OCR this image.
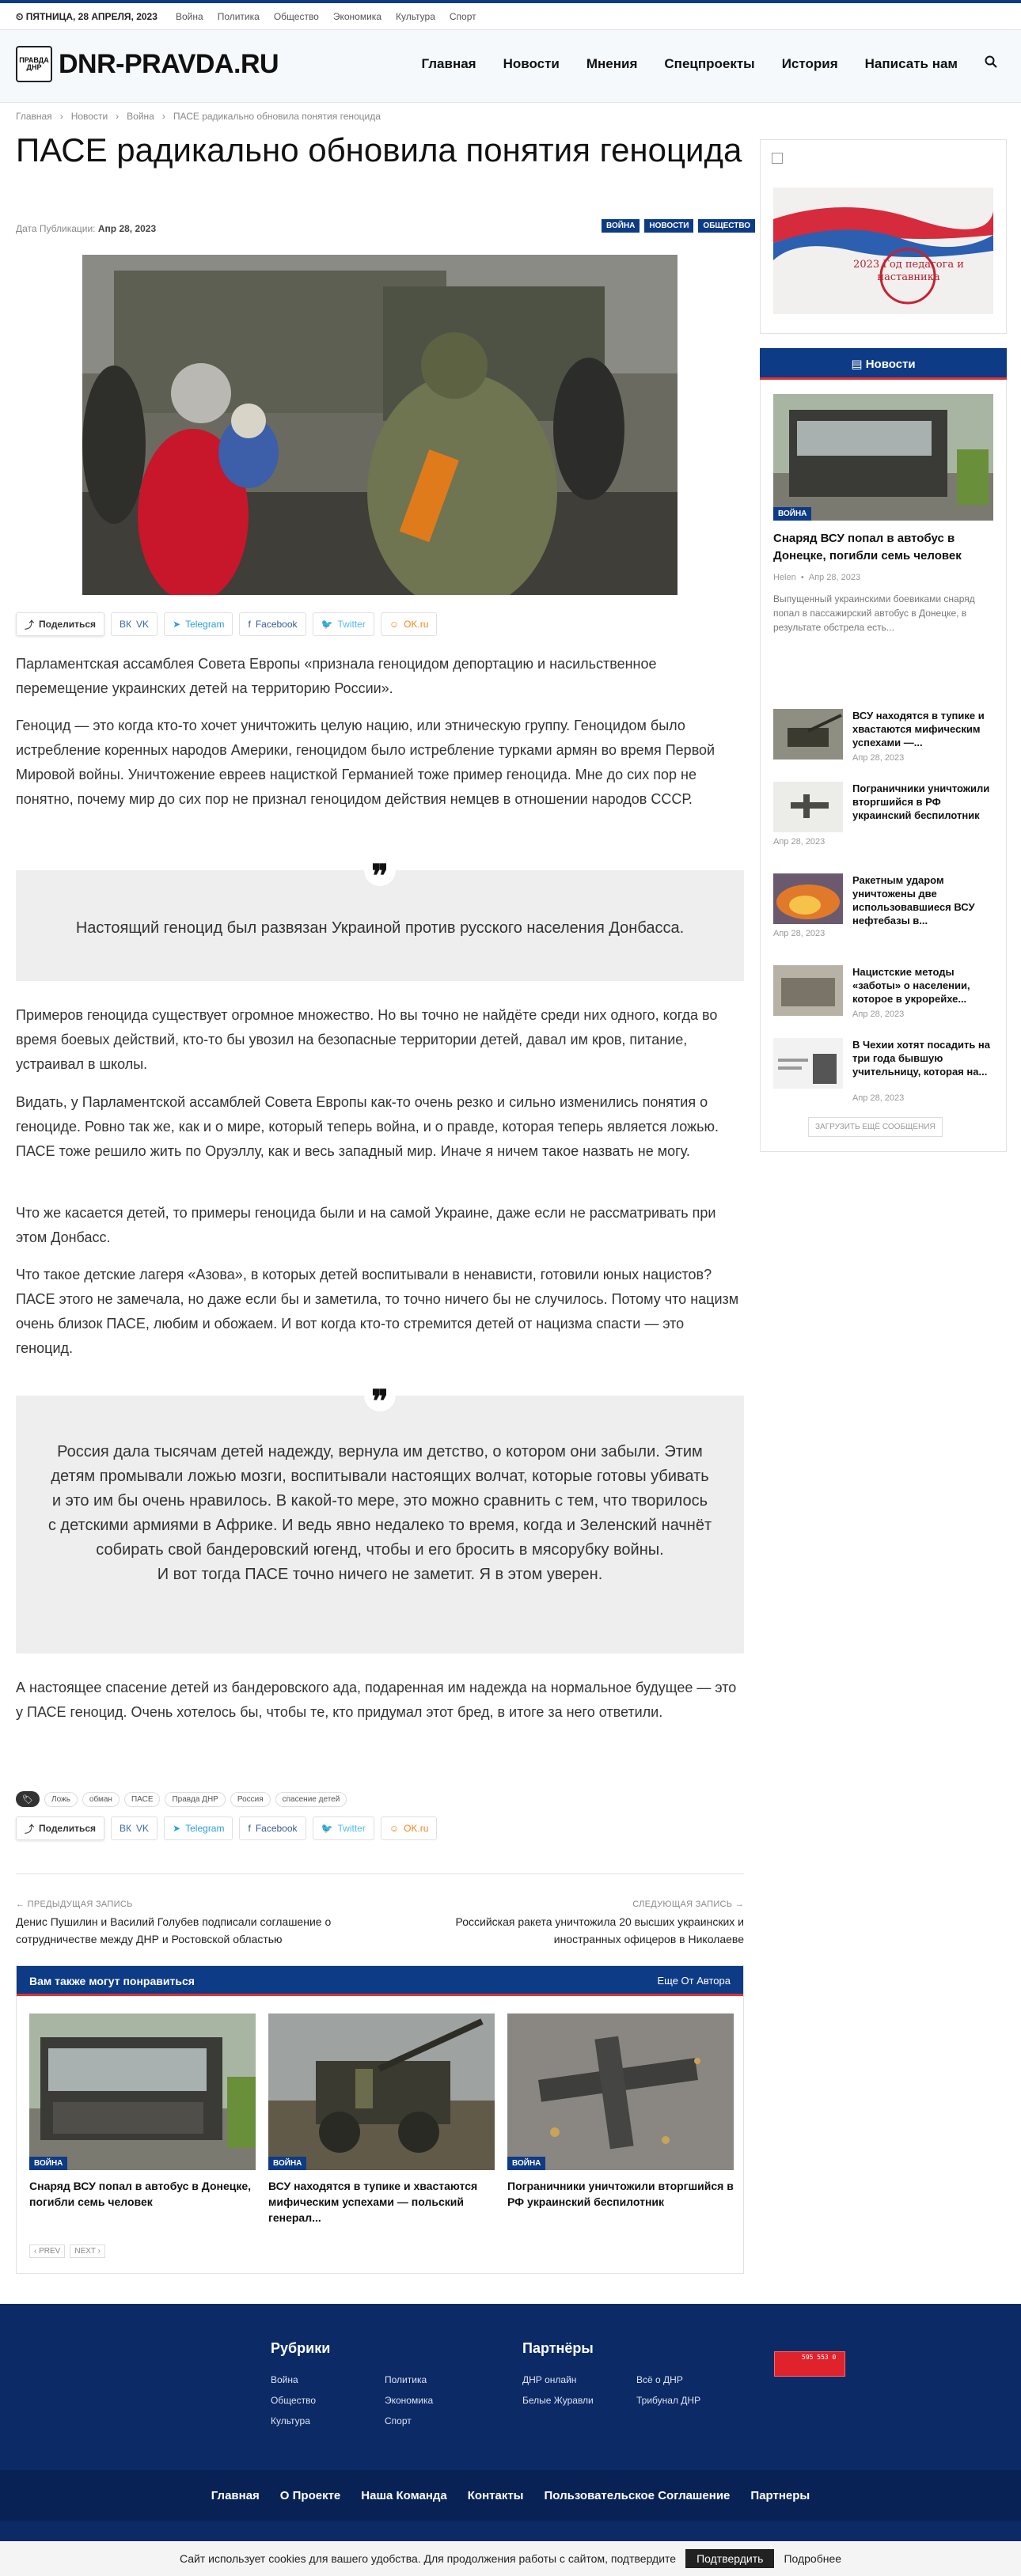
⏲ ПЯТНИЦА, 28 АПРЕЛЯ, 2023 Война Политика Общество Экономика Культура Спорт
ПРАВДА ДНР DNR-PRAVDA.RU	Главная Новости Мнения Спецпроекты История Написать нам
Главная › Новости › Война › ПАСЕ радикально обновила понятия геноцида
ПАСЕ радикально обновила понятия геноцида
Дата Публикации: Апр 28, 2023	ВОЙНА	НОВОСТИ	ОБЩЕСТВО
⤴ Поделиться	ВК VK	➤ Telegram	f Facebook	🐦 Twitter	☺ OK.ru

Парламентская ассамблея Совета Европы «признала геноцидом депортацию и насильственное перемещение украинских детей на территорию России».

Геноцид — это когда кто-то хочет уничтожить целую нацию, или этническую группу. Геноцидом было истребление коренных народов Америки, геноцидом было истребление турками армян во время Первой Мировой войны. Уничтожение евреев нацисткой Германией тоже пример геноцида. Мне до сих пор не понятно, почему мир до сих пор не признал геноцидом действия немцев в отношении народов СССР.

❞
Настоящий геноцид был развязан Украиной против русского населения Донбасса.

Примеров геноцида существует огромное множество. Но вы точно не найдёте среди них одного, когда во время боевых действий, кто-то бы увозил на безопасные территории детей, давал им кров, питание, устраивал в школы.

Видать, у Парламентской ассамблей Совета Европы как-то очень резко и сильно изменились понятия о геноциде. Ровно так же, как и о мире, который теперь война, и о правде, которая теперь является ложью. ПАСЕ тоже решило жить по Оруэллу, как и весь западный мир. Иначе я ничем такое назвать не могу.

Что же касается детей, то примеры геноцида были и на самой Украине, даже если не рассматривать при этом Донбасс.

Что такое детские лагеря «Азова», в которых детей воспитывали в ненависти, готовили юных нацистов? ПАСЕ этого не замечала, но даже если бы и заметила, то точно ничего бы не случилось. Потому что нацизм очень близок ПАСЕ, любим и обожаем. И вот когда кто-то стремится детей от нацизма спасти — это геноцид.

❞
Россия дала тысячам детей надежду, вернула им детство, о котором они забыли. Этим детям промывали ложью мозги, воспитывали настоящих волчат, которые готовы убивать и это им бы очень нравилось. В какой-то мере, это можно сравнить с тем, что творилось с детскими армиями в Африке. И ведь явно недалеко то время, когда и Зеленский начнёт собирать свой бандеровский югенд, чтобы и его бросить в мясорубку войны.
И вот тогда ПАСЕ точно ничего не заметит. Я в этом уверен.

А настоящее спасение детей из бандеровского ада, подаренная им надежда на нормальное будущее — это у ПАСЕ геноцид. Очень хотелось бы, чтобы те, кто придумал этот бред, в итоге за него ответили.

🏷	Ложь	обман	ПАСЕ	Правда ДНР	Россия	спасение детей
⤴ Поделиться	ВК VK	➤ Telegram	f Facebook	🐦 Twitter	☺ OK.ru
← ПРЕДЫДУЩАЯ ЗАПИСЬ
Денис Пушилин и Василий Голубев подписали соглашение о сотрудничестве между ДНР и Ростовской областью
СЛЕДУЮЩАЯ ЗАПИСЬ →
Российская ракета уничтожила 20 высших украинских и иностранных офицеров в Николаеве
Вам также могут понравиться	Еще От Автора
ВОЙНА
Снаряд ВСУ попал в автобус в Донецке, погибли семь человек
ВОЙНА
ВСУ находятся в тупике и хвастаются мифическим успехами — польский генерал...
ВОЙНА
Пограничники уничтожили вторгшийся в РФ украинский беспилотник
‹ PREV	NEXT ›
2023 Год педагога и наставника
▤ Новости
ВОЙНА
Снаряд ВСУ попал в автобус в Донецке, погибли семь человек
Helen  •  Апр 28, 2023
Выпущенный украинскими боевиками снаряд попал в пассажирский автобус в Донецке, в результате обстрела есть...
ВСУ находятся в тупике и хвастаются мифическим успехами —...
Апр 28, 2023
Пограничники уничтожили вторгшийся в РФ украинский беспилотник
Апр 28, 2023
Ракетным ударом уничтожены две использовавшиеся ВСУ нефтебазы в...
Апр 28, 2023
Нацистские методы «заботы» о населении, которое в укрорейхе...
Апр 28, 2023
В Чехии хотят посадить на три года бывшую учительницу, которая на...
Апр 28, 2023
ЗАГРУЗИТЬ ЕЩЁ СООБЩЕНИЯ
Рубрики
Война	Политика
Общество	Экономика
Культура	Спорт
Партнёры
ДНР онлайн	Всё о ДНР
Белые Журавли	Трибунал ДНР
595 553 0
Главная О Проекте Наша Команда Контакты Пользовательское Соглашение Партнеры
Сайт использует cookies для вашего удобства. Для продолжения работы с сайтом, подтвердите	Подтвердить	Подробнее
